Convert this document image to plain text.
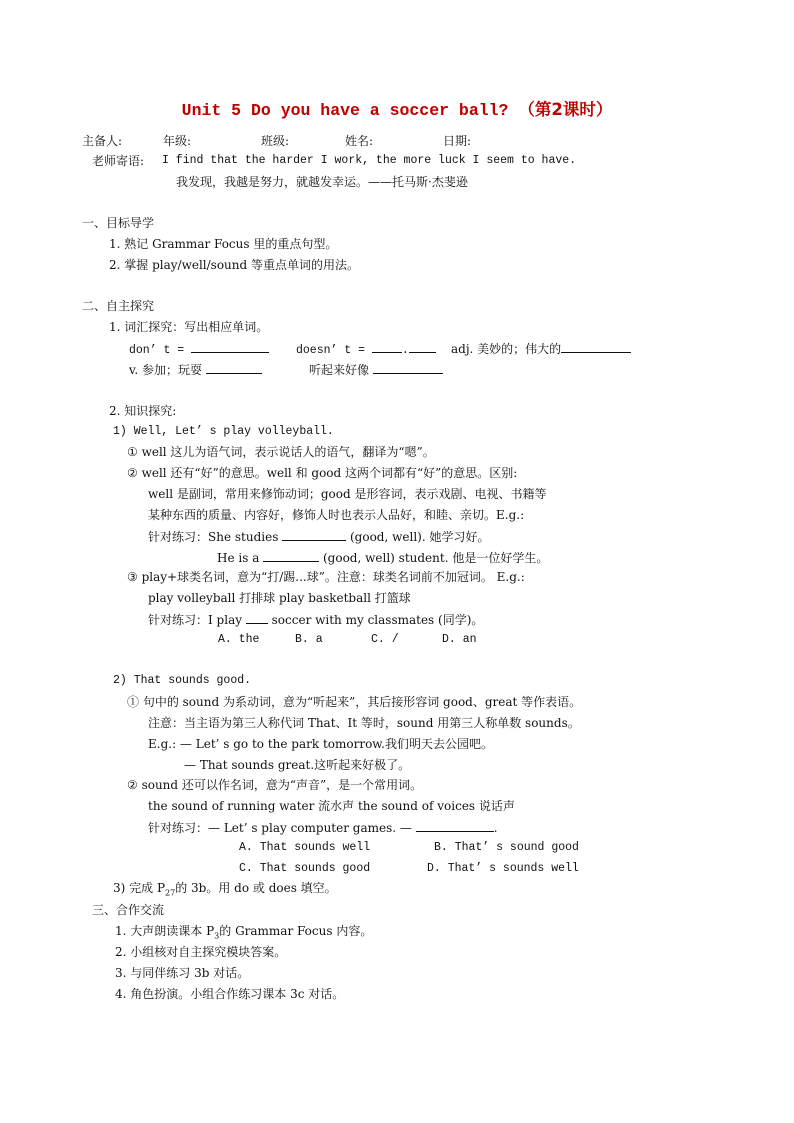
Unit 5 Do you have a soccer ball? （第2课时）
主备人:	年级:	班级:	姓名:	日期:
老师寄语: I find that the harder I work, the more luck I seem to have.
我发现，我越是努力，就越发幸运。——托马斯·杰斐逊
一、目标导学
1. 熟记 Grammar Focus 里的重点句型。
2. 掌握 play/well/sound 等重点单词的用法。
二、自主探究
1. 词汇探究：写出相应单词。
don’ t =	doesn’ t =	.	adj. 美妙的；伟大的
v. 参加；玩耍	听起来好像
2. 知识探究:
1) Well, Let’ s play volleyball.
① well 这儿为语气词，表示说话人的语气，翻译为“嗯”。
② well 还有“好”的意思。well 和 good 这两个词都有“好”的意思。区别:
well 是副词，常用来修饰动词；good 是形容词，表示戏剧、电视、书籍等
某种东西的质量、内容好，修饰人时也表示人品好，和睦、亲切。E.g.:
针对练习：She studies	(good, well). 她学习好。
He is a	(good, well) student. 他是一位好学生。
③ play+球类名词，意为“打/踢...球”。注意：球类名词前不加冠词。 E.g.:
play volleyball 打排球 play basketball 打篮球
针对练习：I play  soccer with my classmates (同学)。
A. the	B. a	C. /	D. an
2) That sounds good.
① 句中的 sound 为系动词，意为“听起来”，其后接形容词 good、great 等作表语。
注意：当主语为第三人称代词 That、It 等时，sound 用第三人称单数 sounds。
E.g.: — Let’ s go to the park tomorrow.我们明天去公园吧。
— That sounds great.这听起来好极了。
② sound 还可以作名词，意为“声音”，是一个常用词。
the sound of running water 流水声 the sound of voices 说话声
针对练习：— Let’ s play computer games. —	.
A. That sounds well	B. That’ s sound good
C. That sounds good	D. That’ s sounds well
3) 完成 $P_{27}$的 3b。用 do 或 does 填空。
三、合作交流
1. 大声朗读课本 $P_3$的 Grammar Focus 内容。
2. 小组核对自主探究模块答案。
3. 与同伴练习 3b 对话。
4. 角色扮演。小组合作练习课本 3c 对话。
